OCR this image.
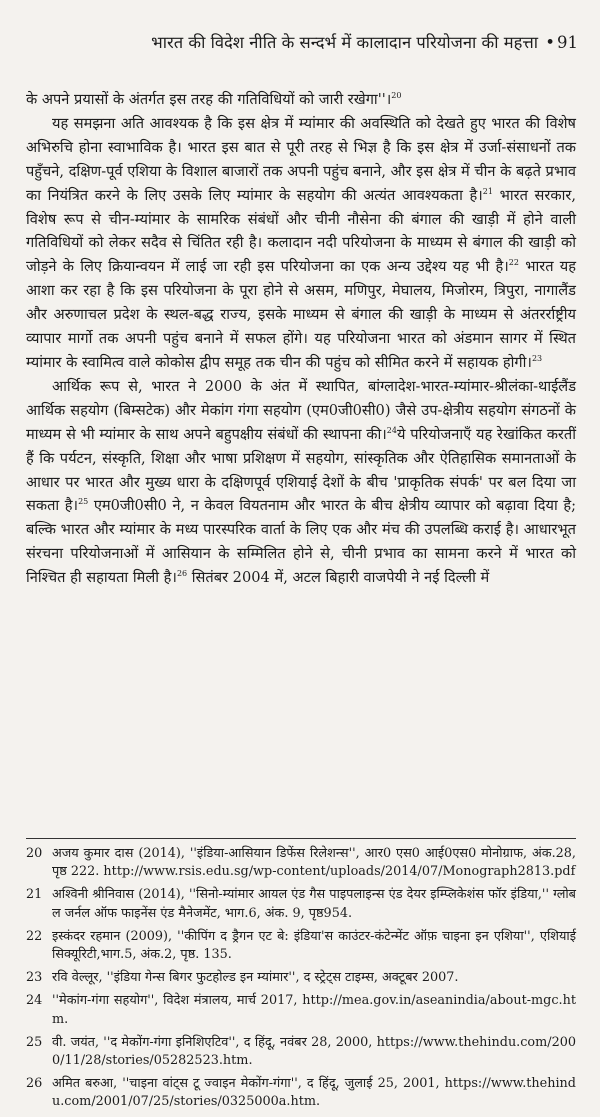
भारत की विदेश नीति के सन्दर्भ में कालादान परियोजना की महत्ता • 91

के अपने प्रयासों के अंतर्गत इस तरह की गतिविधियों को जारी रखेगा''।$^{20}$

यह समझना अति आवश्यक है कि इस क्षेत्र में म्यांमार की अवस्थिति को देखते हुए भारत की विशेष अभिरुचि होना स्वाभाविक है। भारत इस बात से पूरी तरह से भिज्ञ है कि इस क्षेत्र में उर्जा-संसाधनों तक पहुँचने, दक्षिण-पूर्व एशिया के विशाल बाजारों तक अपनी पहुंच बनाने, और इस क्षेत्र में चीन के बढ़ते प्रभाव का नियंत्रित करने के लिए उसके लिए म्यांमार के सहयोग की अत्यंत आवश्यकता है।$^{21}$ भारत सरकार, विशेष रूप से चीन-म्यांमार के सामरिक संबंधों और चीनी नौसेना की बंगाल की खाड़ी में होने वाली गतिविधियों को लेकर सदैव से चिंतित रही है। कलादान नदी परियोजना के माध्यम से बंगाल की खाड़ी को जोड़ने के लिए क्रियान्वयन में लाई जा रही इस परियोजना का एक अन्य उद्देश्य यह भी है।$^{22}$ भारत यह आशा कर रहा है कि इस परियोजना के पूरा होने से असम, मणिपुर, मेघालय, मिजोरम, त्रिपुरा, नागालैंड और अरुणाचल प्रदेश के स्थल-बद्ध राज्य, इसके माध्यम से बंगाल की खाड़ी के माध्यम से अंतरर्राष्ट्रीय व्यापार मार्गो तक अपनी पहुंच बनाने में सफल होंगे। यह परियोजना भारत को अंडमान सागर में स्थित म्यांमार के स्वामित्व वाले कोकोस द्वीप समूह तक चीन की पहुंच को सीमित करने में सहायक होगी।$^{23}$

आर्थिक रूप से, भारत ने 2000 के अंत में स्थापित, बांग्लादेश-भारत-म्यांमार-श्रीलंका-थाईलैंड आर्थिक सहयोग (बिम्सटेक) और मेकांग गंगा सहयोग (एम0जी0सी0) जैसे उप-क्षेत्रीय सहयोग संगठनों के माध्यम से भी म्यांमार के साथ अपने बहुपक्षीय संबंधों की स्थापना की।$^{24}$ये परियोजनाएँ यह रेखांकित करतीं हैं कि पर्यटन, संस्कृति, शिक्षा और भाषा प्रशिक्षण में सहयोग, सांस्कृतिक और ऐतिहासिक समानताओं के आधार पर भारत और मुख्य धारा के दक्षिणपूर्व एशियाई देशों के बीच 'प्राकृतिक संपर्क' पर बल दिया जा सकता है।$^{25}$ एम0जी0सी0 ने, न केवल वियतनाम और भारत के बीच क्षेत्रीय व्यापार को बढ़ावा दिया है; बल्कि भारत और म्यांमार के मध्य पारस्परिक वार्ता के लिए एक और मंच की उपलब्धि कराई है। आधारभूत संरचना परियोजनाओं में आसियान के सम्मिलित होने से, चीनी प्रभाव का सामना करने में भारत को निश्चित ही सहायता मिली है।$^{26}$ सितंबर 2004 में, अटल बिहारी वाजपेयी ने नई दिल्ली में

20 अजय कुमार दास (2014), ''इंडिया-आसियान डिफेंस रिलेशन्स'', आर0 एस0 आई0एस0 मोनोग्राफ, अंक.28, पृष्ठ 222. http://www.rsis.edu.sg/wp-content/uploads/2014/07/Monograph2813.pdf
21 अश्विनी श्रीनिवास (2014), ''सिनो-म्यांमार आयल एंड गैस पाइपलाइन्स एंड देयर इम्प्लिकेशंस फॉर इंडिया,'' ग्लोबल जर्नल ऑफ फाइनेंस एंड मैनेजमेंट, भाग.6, अंक. 9, पृष्ठ954.
22 इस्कंदर रहमान (2009), ''कीपिंग द ड्रैगन एट बे: इंडिया'स काउंटर-कंटेन्मेंट ऑफ़ चाइना इन एशिया'', एशियाई सिक्यूरिटी,भाग.5, अंक.2, पृष्ठ. 135.
23 रवि वेल्लूर, ''इंडिया गेन्स बिगर फुटहोल्ड इन म्यांमार'', द स्ट्रेट्स टाइम्स, अक्टूबर 2007.
24 ''मेकांग-गंगा सहयोग'', विदेश मंत्रालय, मार्च 2017, http://mea.gov.in/aseanindia/about-mgc.htm.
25 वी. जयंत, ''द मेकोंग-गंगा इनिशिएटिव'', द हिंदू, नवंबर 28, 2000, https://www.thehindu.com/2000/11/28/stories/05282523.htm.
26 अमित बरुआ, ''चाइना वांट्स टू ज्वाइन मेकोंग-गंगा'', द हिंदू, जुलाई 25, 2001, https://www.thehindu.com/2001/07/25/stories/0325000a.htm.
